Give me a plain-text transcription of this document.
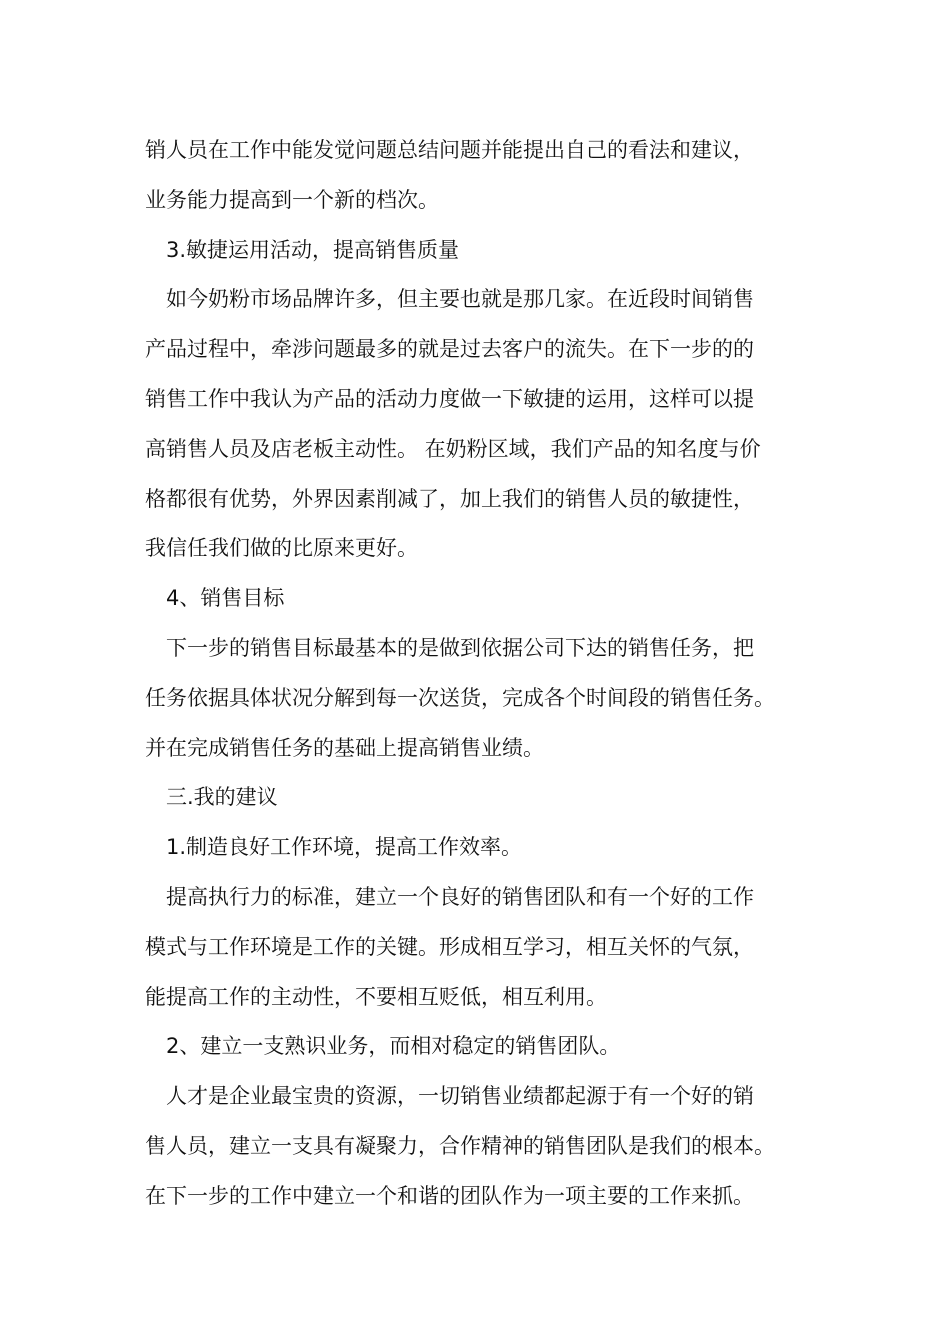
销人员在工作中能发觉问题总结问题并能提出自己的看法和建议，

业务能力提高到一个新的档次。

3.敏捷运用活动，提高销售质量

如今奶粉市场品牌许多，但主要也就是那几家。在近段时间销售

产品过程中，牵涉问题最多的就是过去客户的流失。在下一步的的

销售工作中我认为产品的活动力度做一下敏捷的运用，这样可以提

高销售人员及店老板主动性。 在奶粉区域，我们产品的知名度与价

格都很有优势，外界因素削减了，加上我们的销售人员的敏捷性，

我信任我们做的比原来更好。

4、销售目标

下一步的销售目标最基本的是做到依据公司下达的销售任务，把

任务依据具体状况分解到每一次送货，完成各个时间段的销售任务。

并在完成销售任务的基础上提高销售业绩。

三.我的建议

1.制造良好工作环境，提高工作效率。

提高执行力的标准，建立一个良好的销售团队和有一个好的工作

模式与工作环境是工作的关键。形成相互学习，相互关怀的气氛，

能提高工作的主动性，不要相互贬低，相互利用。

2、建立一支熟识业务，而相对稳定的销售团队。

人才是企业最宝贵的资源，一切销售业绩都起源于有一个好的销

售人员，建立一支具有凝聚力，合作精神的销售团队是我们的根本。

在下一步的工作中建立一个和谐的团队作为一项主要的工作来抓。
